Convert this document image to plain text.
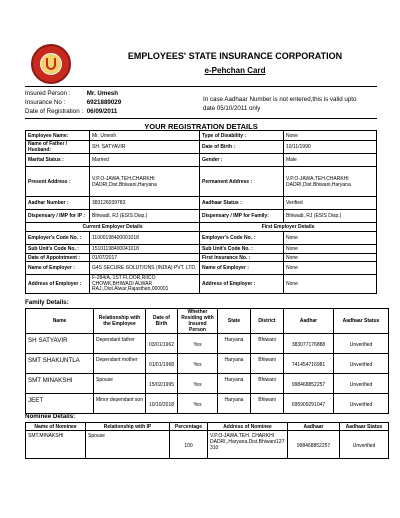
EMPLOYEES' STATE INSURANCE CORPORATION
e-Pehchan Card
Insured Person :	Mr. Umesh
Insurance No :	6921889029
Date of Registration : 06/09/2011
In case Aadhaar Number is not entered,this is valid upto
date 05/10/2011 only
YOUR REGISTRATION DETAILS
Employee Name:	Mr. Umesh	Type of Disability :	None
Name of Father / Husband:	SH. SATYAVIR	Date of Birth :	10/11/1990
Marital Status :	Married	Gender :	Male
Present Address :	V.P.O-JAWA,TEH.CHARKHI DADRI,Dist.Bhiwani,Haryana	Permanent Address :	V.P.O-JAWA,TEH.CHARKHI DADRI,Dist.Bhiwani,Haryana
Aadhar Number :	383126039783	Aadhaar Status :	Verified
Dispensary / IMP for IP :	Bhiwadi, RJ (ESIS Disp.)	Dispensary / IMP for Family:	Bhiwadi, RJ (ESIS Disp.)
Current Employer Details		First Employer Details	
Employer's Code No. :	11000198400001018	Employer's Code No. :	None
Sub Unit's Code No. :	15101198400041018	Sub Unit's Code No. :	None
Date of Appointment :	01/07/2017	First Insurance No. :	None
Name of Employer :	G4S SECURE SOLUTIONS (INDIA) PVT. LTD.	Name of Employer :	None
Address of Employer :	F-284/A, 1ST FLOOR,RIICO CHOWK,BHIWADI ALWAR RAJ.,Dist.Alwar,Rajasthan,000001	Address of Employer :	None
Family Details:
Name	Relationship with the Employee	Date of Birth	Whether Residing with Insured Person	State	District	Aadhar	Aadhaar Status
SH SATYAVIR	Dependant father	03/01/1962	Yes	Haryana	Bhiwani	383077176888	Unverified
SMT SHAKUNTLA	Dependant mother	01/01/1968	Yes	Haryana	Bhiwani	741454716981	Unverified
SMT MINAKSHI	Spouse	15/02/1995	Yes	Haryana	Bhiwani	998468852257	Unverified
JEET	Minor dependant son	10/10/2018	Yes	Haryana	Bhiwani	695909291047	Unverified
Nominee Details:
Name of Nominee	Relationship with IP	Percentage	Address of Nominee	Aadhaar	Aadhaar Status
SMT.MINAKSHI	Spouse	100	V.P.O-JAWA,TEH. CHARKHI DADRI,,Haryana,Dist.Bhiwani127 310	998468852257	Unverified
